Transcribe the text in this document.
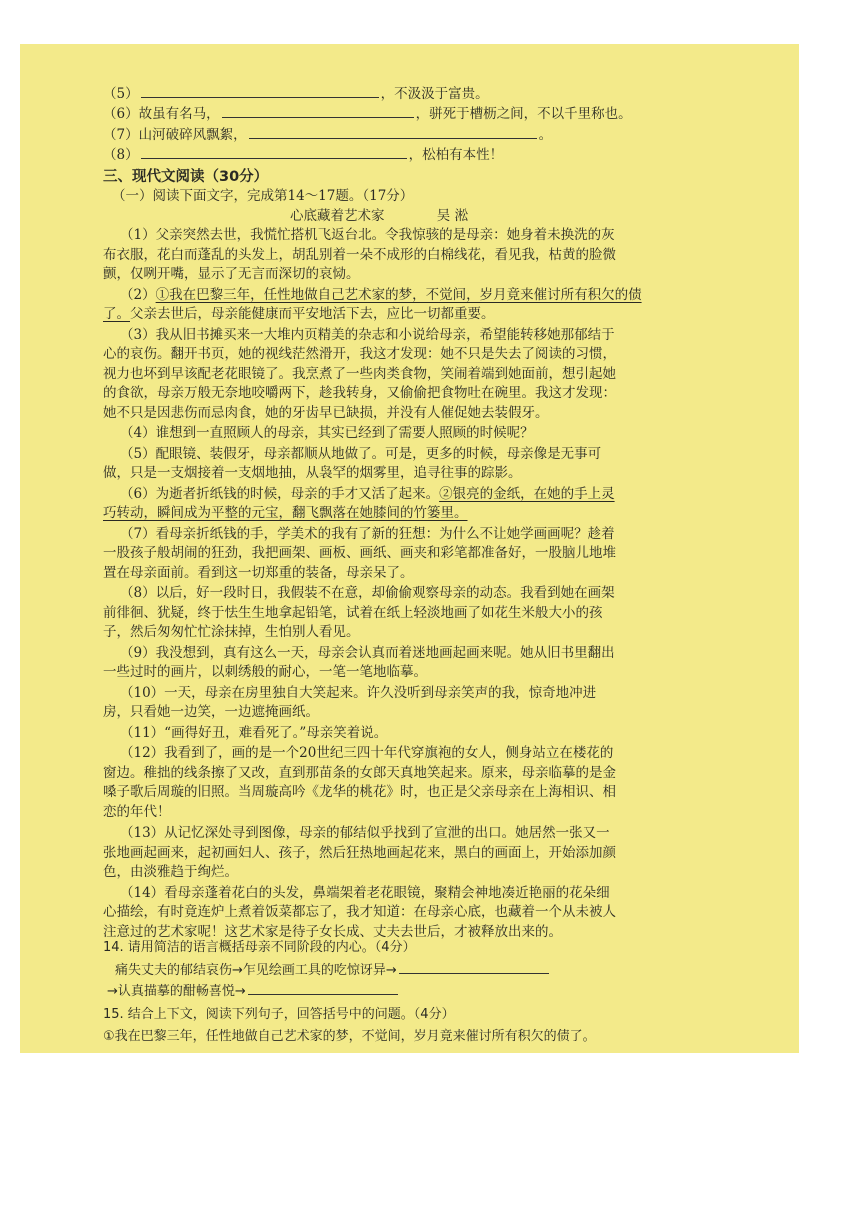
（5）	，不汲汲于富贵。
（6）故虽有名马，	，骈死于槽枥之间，不以千里称也。
（7）山河破碎风飘絮，	。
（8）	，松柏有本性！
三、现代文阅读（30分）
（一）阅读下面文字，完成第14～17题。（17分）
心底藏着艺术家	吴 淞
（1）父亲突然去世，我慌忙搭机飞返台北。令我惊骇的是母亲：她身着未换洗的灰
布衣服，花白而蓬乱的头发上，胡乱别着一朵不成形的白棉线花，看见我，枯黄的脸微
颤，仅咧开嘴，显示了无言而深切的哀恸。
（2）①我在巴黎三年，任性地做自己艺术家的梦，不觉间，岁月竟来催讨所有积欠的债
了。父亲去世后，母亲能健康而平安地活下去，应比一切都重要。
（3）我从旧书摊买来一大堆内页精美的杂志和小说给母亲，希望能转移她那郁结于
心的哀伤。翻开书页，她的视线茫然滑开，我这才发现：她不只是失去了阅读的习惯，
视力也坏到早该配老花眼镜了。我烹煮了一些肉类食物，笑闹着端到她面前，想引起她
的食欲，母亲万般无奈地咬嚼两下，趁我转身，又偷偷把食物吐在碗里。我这才发现：
她不只是因悲伤而忌肉食，她的牙齿早已缺损，并没有人催促她去装假牙。
（4）谁想到一直照顾人的母亲，其实已经到了需要人照顾的时候呢？
（5）配眼镜、装假牙，母亲都顺从地做了。可是，更多的时候，母亲像是无事可
做，只是一支烟接着一支烟地抽，从袅罕的烟雾里，追寻往事的踪影。
（6）为逝者折纸钱的时候，母亲的手才又活了起来。②银亮的金纸，在她的手上灵
巧转动，瞬间成为平整的元宝，翻飞飘落在她膝间的竹篓里。
（7）看母亲折纸钱的手，学美术的我有了新的狂想：为什么不让她学画画呢？趁着
一股孩子般胡闹的狂劲，我把画架、画板、画纸、画夹和彩笔都准备好，一股脑儿地堆
置在母亲面前。看到这一切郑重的装备，母亲呆了。
（8）以后，好一段时日，我假装不在意，却偷偷观察母亲的动态。我看到她在画架
前徘徊、犹疑，终于怯生生地拿起铅笔，试着在纸上轻淡地画了如花生米般大小的孩
子，然后匆匆忙忙涂抹掉，生怕别人看见。
（9）我没想到，真有这么一天，母亲会认真而着迷地画起画来呢。她从旧书里翻出
一些过时的画片，以刺绣般的耐心，一笔一笔地临摹。
（10）一天，母亲在房里独自大笑起来。许久没听到母亲笑声的我，惊奇地冲进
房，只看她一边笑，一边遮掩画纸。
（11）“画得好丑，难看死了。”母亲笑着说。
（12）我看到了，画的是一个20世纪三四十年代穿旗袍的女人，侧身站立在楼花的
窗边。稚拙的线条擦了又改，直到那苗条的女郎天真地笑起来。原来，母亲临摹的是金
嗓子歌后周璇的旧照。当周璇高吟《龙华的桃花》时，也正是父亲母亲在上海相识、相
恋的年代！
（13）从记忆深处寻到图像，母亲的郁结似乎找到了宣泄的出口。她居然一张又一
张地画起画来，起初画妇人、孩子，然后狂热地画起花来，黑白的画面上，开始添加颜
色，由淡雅趋于绚烂。
（14）看母亲蓬着花白的头发，鼻端架着老花眼镜，聚精会神地凑近艳丽的花朵细
心描绘，有时竟连炉上煮着饭菜都忘了，我才知道：在母亲心底，也藏着一个从未被人
注意过的艺术家呢！这艺术家是待子女长成、丈夫去世后，才被释放出来的。
14. 请用简洁的语言概括母亲不同阶段的内心。（4分）
痛失丈夫的郁结哀伤→乍见绘画工具的吃惊讶异→
→认真描摹的酣畅喜悦→
15. 结合上下文，阅读下列句子，回答括号中的问题。（4分）
①我在巴黎三年，任性地做自己艺术家的梦，不觉间，岁月竟来催讨所有积欠的债了。
